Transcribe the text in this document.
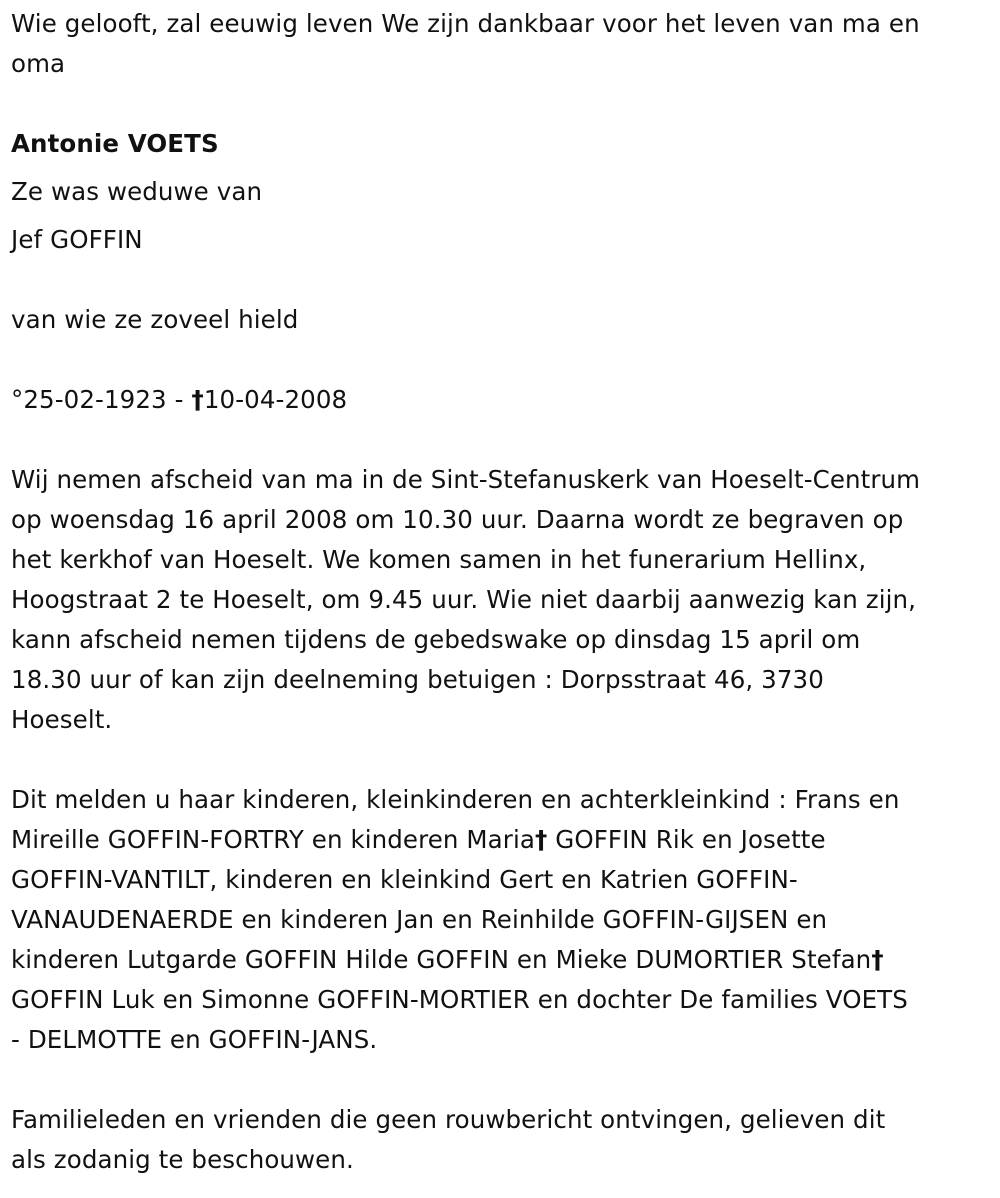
Wie gelooft, zal eeuwig leven We zijn dankbaar voor het leven van ma en

oma

Antonie VOETS

Ze was weduwe van

Jef GOFFIN

van wie ze zoveel hield

°25-02-1923 - †10-04-2008

Wij nemen afscheid van ma in de Sint-Stefanuskerk van Hoeselt-Centrum

op woensdag 16 april 2008 om 10.30 uur. Daarna wordt ze begraven op

het kerkhof van Hoeselt. We komen samen in het funerarium Hellinx,

Hoogstraat 2 te Hoeselt, om 9.45 uur. Wie niet daarbij aanwezig kan zijn,

kann afscheid nemen tijdens de gebedswake op dinsdag 15 april om

18.30 uur of kan zijn deelneming betuigen : Dorpsstraat 46, 3730

Hoeselt.

Dit melden u haar kinderen, kleinkinderen en achterkleinkind : Frans en

Mireille GOFFIN-FORTRY en kinderen Maria† GOFFIN Rik en Josette

GOFFIN-VANTILT, kinderen en kleinkind Gert en Katrien GOFFIN-

VANAUDENAERDE en kinderen Jan en Reinhilde GOFFIN-GIJSEN en

kinderen Lutgarde GOFFIN Hilde GOFFIN en Mieke DUMORTIER Stefan†

GOFFIN Luk en Simonne GOFFIN-MORTIER en dochter De families VOETS

- DELMOTTE en GOFFIN-JANS.

Familieleden en vrienden die geen rouwbericht ontvingen, gelieven dit

als zodanig te beschouwen.
